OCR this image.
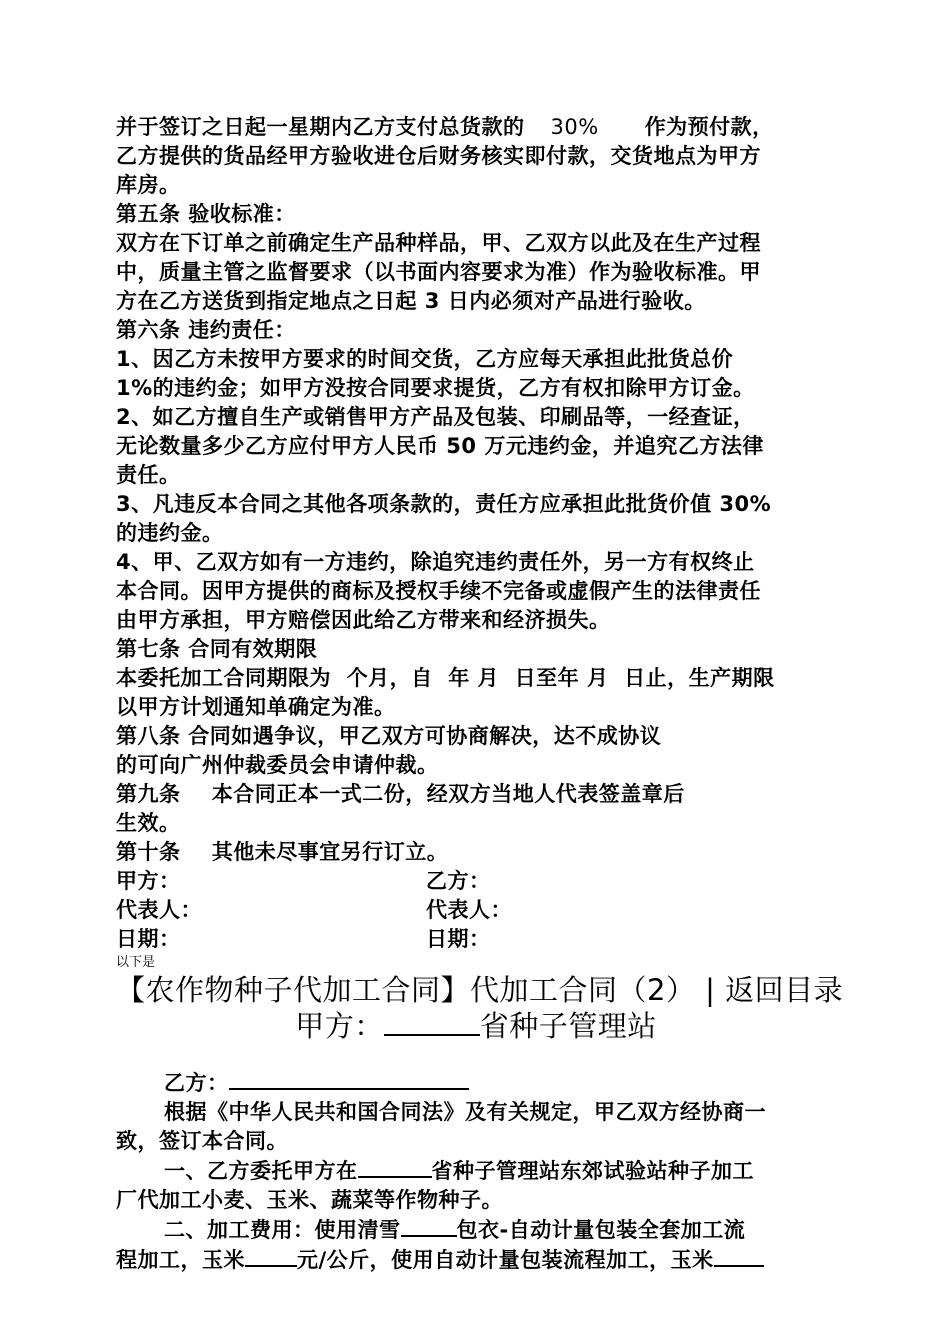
并于签订之日起一星期内乙方支付总货款的 30% 作为预付款，
乙方提供的货品经甲方验收进仓后财务核实即付款，交货地点为甲方
库房。
第五条 验收标准：
双方在下订单之前确定生产品种样品，甲、乙双方以此及在生产过程
中，质量主管之监督要求（以书面内容要求为准）作为验收标准。甲
方在乙方送货到指定地点之日起 3 日内必须对产品进行验收。
第六条 违约责任：
1、因乙方未按甲方要求的时间交货，乙方应每天承担此批货总价
1%的违约金；如甲方没按合同要求提货，乙方有权扣除甲方订金。
2、如乙方擅自生产或销售甲方产品及包装、印刷品等，一经查证，
无论数量多少乙方应付甲方人民币 50 万元违约金，并追究乙方法律
责任。
3、凡违反本合同之其他各项条款的，责任方应承担此批货价值 30%
的违约金。
4、甲、乙双方如有一方违约，除追究违约责任外，另一方有权终止
本合同。因甲方提供的商标及授权手续不完备或虚假产生的法律责任
由甲方承担，甲方赔偿因此给乙方带来和经济损失。
第七条 合同有效期限
本委托加工合同期限为  个月，自  年 月  日至年 月  日止，生产期限
以甲方计划通知单确定为准。
第八条 合同如遇争议，甲乙双方可协商解决，达不成协议
的可向广州仲裁委员会申请仲裁。
第九条    本合同正本一式二份，经双方当地人代表签盖章后
生效。
第十条    其他未尽事宜另行订立。
甲方：	乙方：
代表人：	代表人：
日期：	日期：
以下是
【农作物种子代加工合同】代加工合同（2） | 返回目录
甲方：	省种子管理站
乙方：
根据《中华人民共和国合同法》及有关规定，甲乙双方经协商一
致，签订本合同。
一、乙方委托甲方在	省种子管理站东郊试验站种子加工
厂代加工小麦、玉米、蔬菜等作物种子。
二、加工费用：使用清雪	包衣-自动计量包装全套加工流
程加工，玉米 元/公斤，使用自动计量包装流程加工，玉米
